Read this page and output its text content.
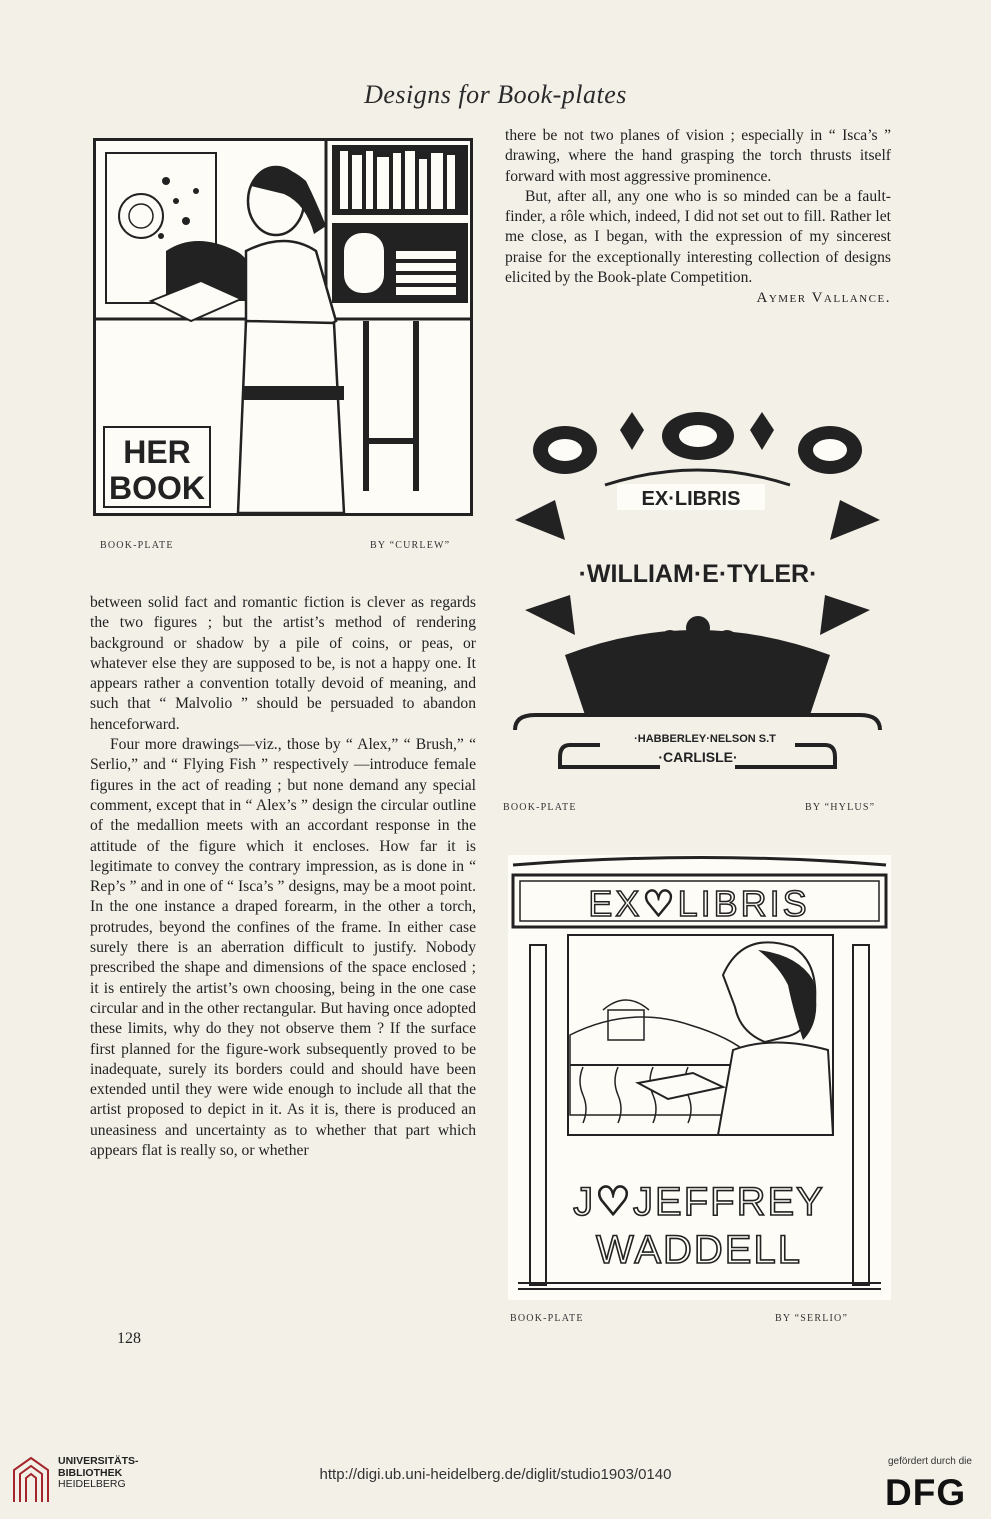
Designs for Book-plates
HER
BOOK
BOOK-PLATE	BY “CURLEW”

between solid fact and romantic fiction is clever as regards the two figures ; but the artist’s method of rendering background or shadow by a pile of coins, or peas, or whatever else they are supposed to be, is not a happy one. It appears rather a convention totally devoid of meaning, and such that “ Malvolio ” should be persuaded to abandon henceforward.

Four more drawings—viz., those by “ Alex,” “ Brush,” “ Serlio,” and “ Flying Fish ” respectively —introduce female figures in the act of reading ; but none demand any special comment, except that in “ Alex’s ” design the circular outline of the medallion meets with an accordant response in the attitude of the figure which it encloses. How far it is legitimate to convey the contrary impression, as is done in “ Rep’s ” and in one of “ Isca’s ” designs, may be a moot point. In the one instance a draped forearm, in the other a torch, protrudes, beyond the confines of the frame. In either case surely there is an aberration difficult to justify. Nobody prescribed the shape and dimensions of the space enclosed ; it is entirely the artist’s own choosing, being in the one case circular and in the other rectangular. But having once adopted these limits, why do they not observe them ? If the surface first planned for the figure-work subsequently proved to be inadequate, surely its borders could and should have been extended until they were wide enough to include all that the artist proposed to depict in it. As it is, there is produced an uneasiness and uncertainty as to whether that part which appears flat is really so, or whether

128

there be not two planes of vision ; especially in “ Isca’s ” drawing, where the hand grasping the torch thrusts itself forward with most aggressive prominence.

But, after all, any one who is so minded can be a fault-finder, a rôle which, indeed, I did not set out to fill. Rather let me close, as I began, with the expression of my sincerest praise for the exceptionally interesting collection of designs elicited by the Book-plate Competition.

Aymer Vallance.

EX·LIBRIS
·WILLIAM·E·TYLER·
·HABBERLEY·NELSON S.T
·CARLISLE·
BOOK-PLATE	BY “HYLUS”
EX♡LIBRIS
J♡JEFFREY
WADDELL
BOOK-PLATE	BY “SERLIO”
UNIVERSITÄTS-
BIBLIOTHEK
HEIDELBERG
http://digi.ub.uni-heidelberg.de/diglit/studio1903/0140
gefördert durch die
DFG
